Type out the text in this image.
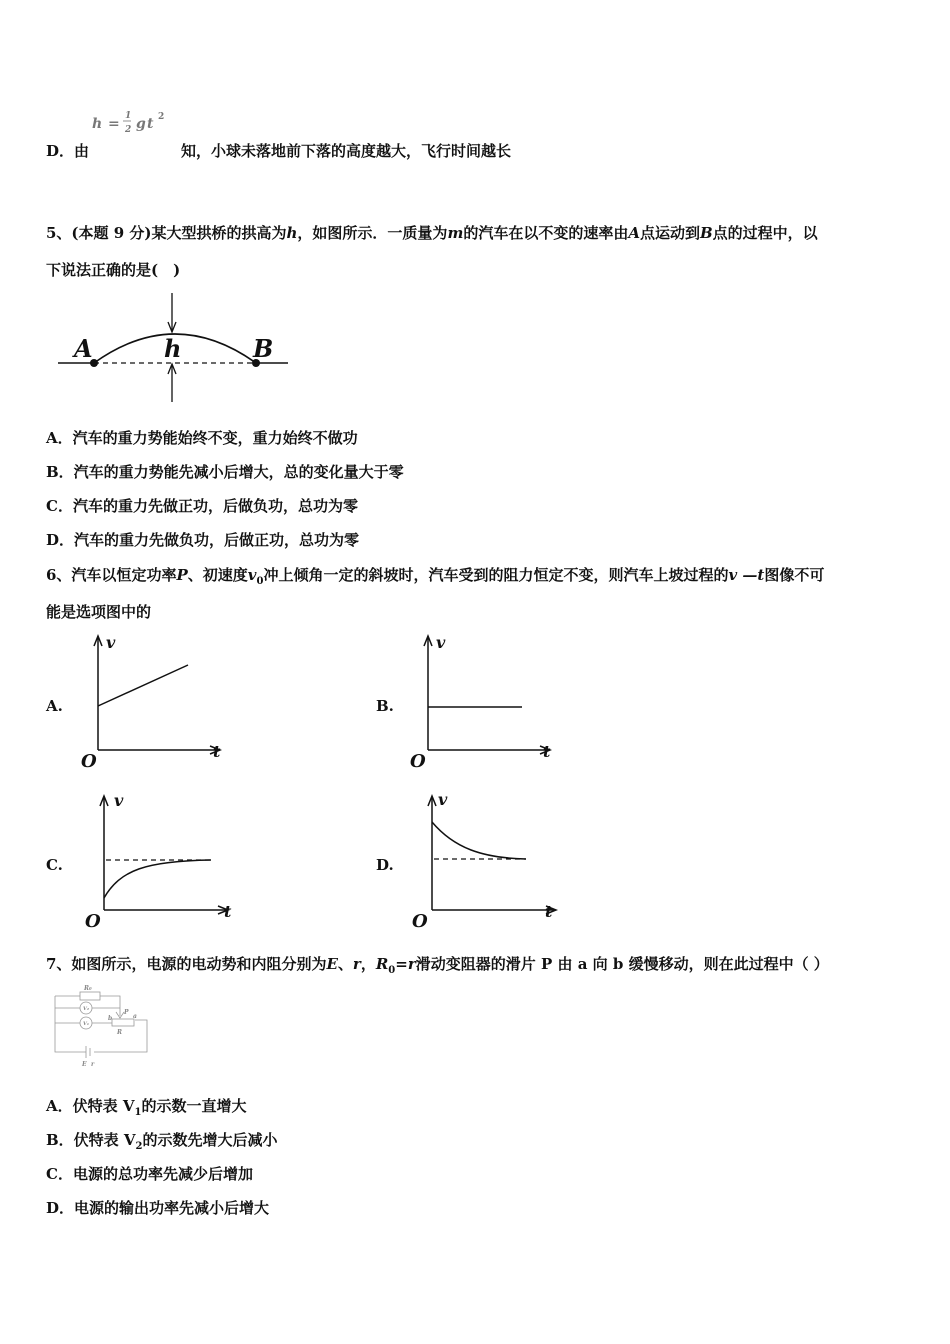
h = 1
2 g t 2
D．由	知，小球未落地前下落的高度越大，飞行时间越长
5、(本题 9 分)某大型拱桥的拱高为h，如图所示．一质量为m的汽车在以不变的速率由A点运动到B点的过程中，以
下说法正确的是(　)
A	h	B
A．汽车的重力势能始终不变，重力始终不做功
B．汽车的重力势能先减小后增大，总的变化量大于零
C．汽车的重力先做正功，后做负功，总功为零
D．汽车的重力先做负功，后做正功，总功为零
6、汽车以恒定功率P、初速度$v_0$冲上倾角一定的斜坡时，汽车受到的阻力恒定不变，则汽车上坡过程的v —t图像不可
能是选项图中的
A.	B.
C.	D.
v
t
O
v
t
O
v
t
O
v
t
O
7、如图所示，电源的电动势和内阻分别为E、r，$R_0=r$滑动变阻器的滑片 P 由 a 向 b 缓慢移动，则在此过程中（ ）
R₀
V₂
V₁
P
a
b
R
E r
A．伏特表 $V_1$的示数一直增大
B．伏特表 $V_2$的示数先增大后减小
C．电源的总功率先减少后增加
D．电源的输出功率先减小后增大
